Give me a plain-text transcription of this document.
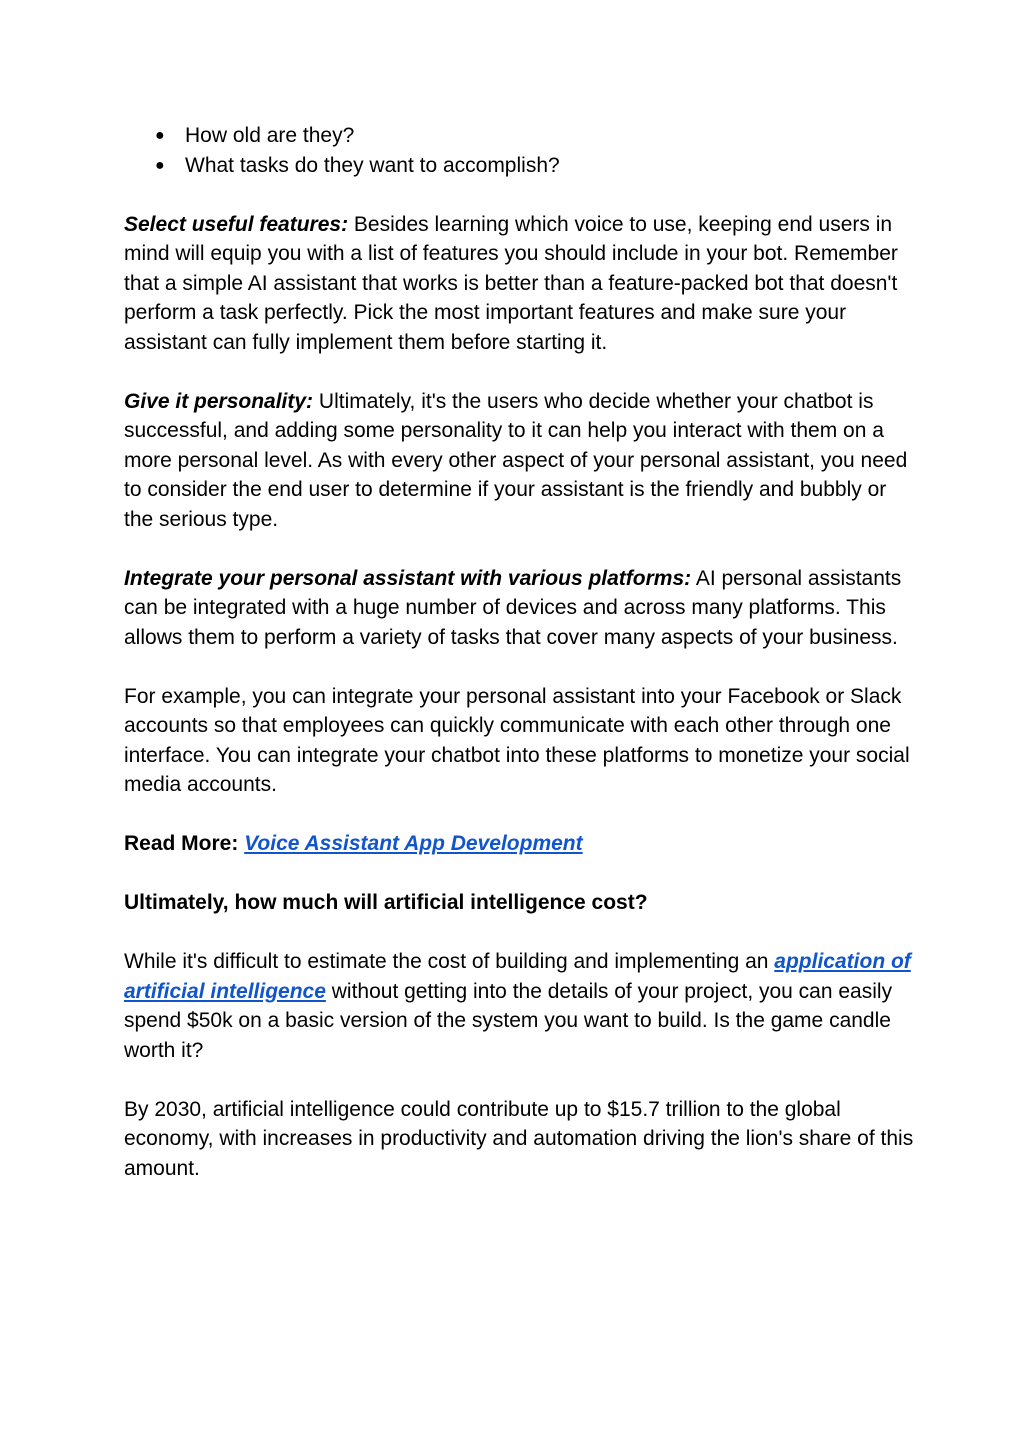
● How old are they?
● What tasks do they want to accomplish?

Select useful features: Besides learning which voice to use, keeping end users in mind will equip you with a list of features you should include in your bot. Remember that a simple AI assistant that works is better than a feature-packed bot that doesn't perform a task perfectly. Pick the most important features and make sure your assistant can fully implement them before starting it.

Give it personality: Ultimately, it's the users who decide whether your chatbot is successful, and adding some personality to it can help you interact with them on a more personal level. As with every other aspect of your personal assistant, you need to consider the end user to determine if your assistant is the friendly and bubbly or the serious type.

Integrate your personal assistant with various platforms: AI personal assistants can be integrated with a huge number of devices and across many platforms. This allows them to perform a variety of tasks that cover many aspects of your business.

For example, you can integrate your personal assistant into your Facebook or Slack accounts so that employees can quickly communicate with each other through one interface. You can integrate your chatbot into these platforms to monetize your social media accounts.

Read More: Voice Assistant App Development

Ultimately, how much will artificial intelligence cost?

While it's difficult to estimate the cost of building and implementing an application of artificial intelligence without getting into the details of your project, you can easily spend $50k on a basic version of the system you want to build. Is the game candle worth it?

By 2030, artificial intelligence could contribute up to $15.7 trillion to the global economy, with increases in productivity and automation driving the lion's share of this amount.
